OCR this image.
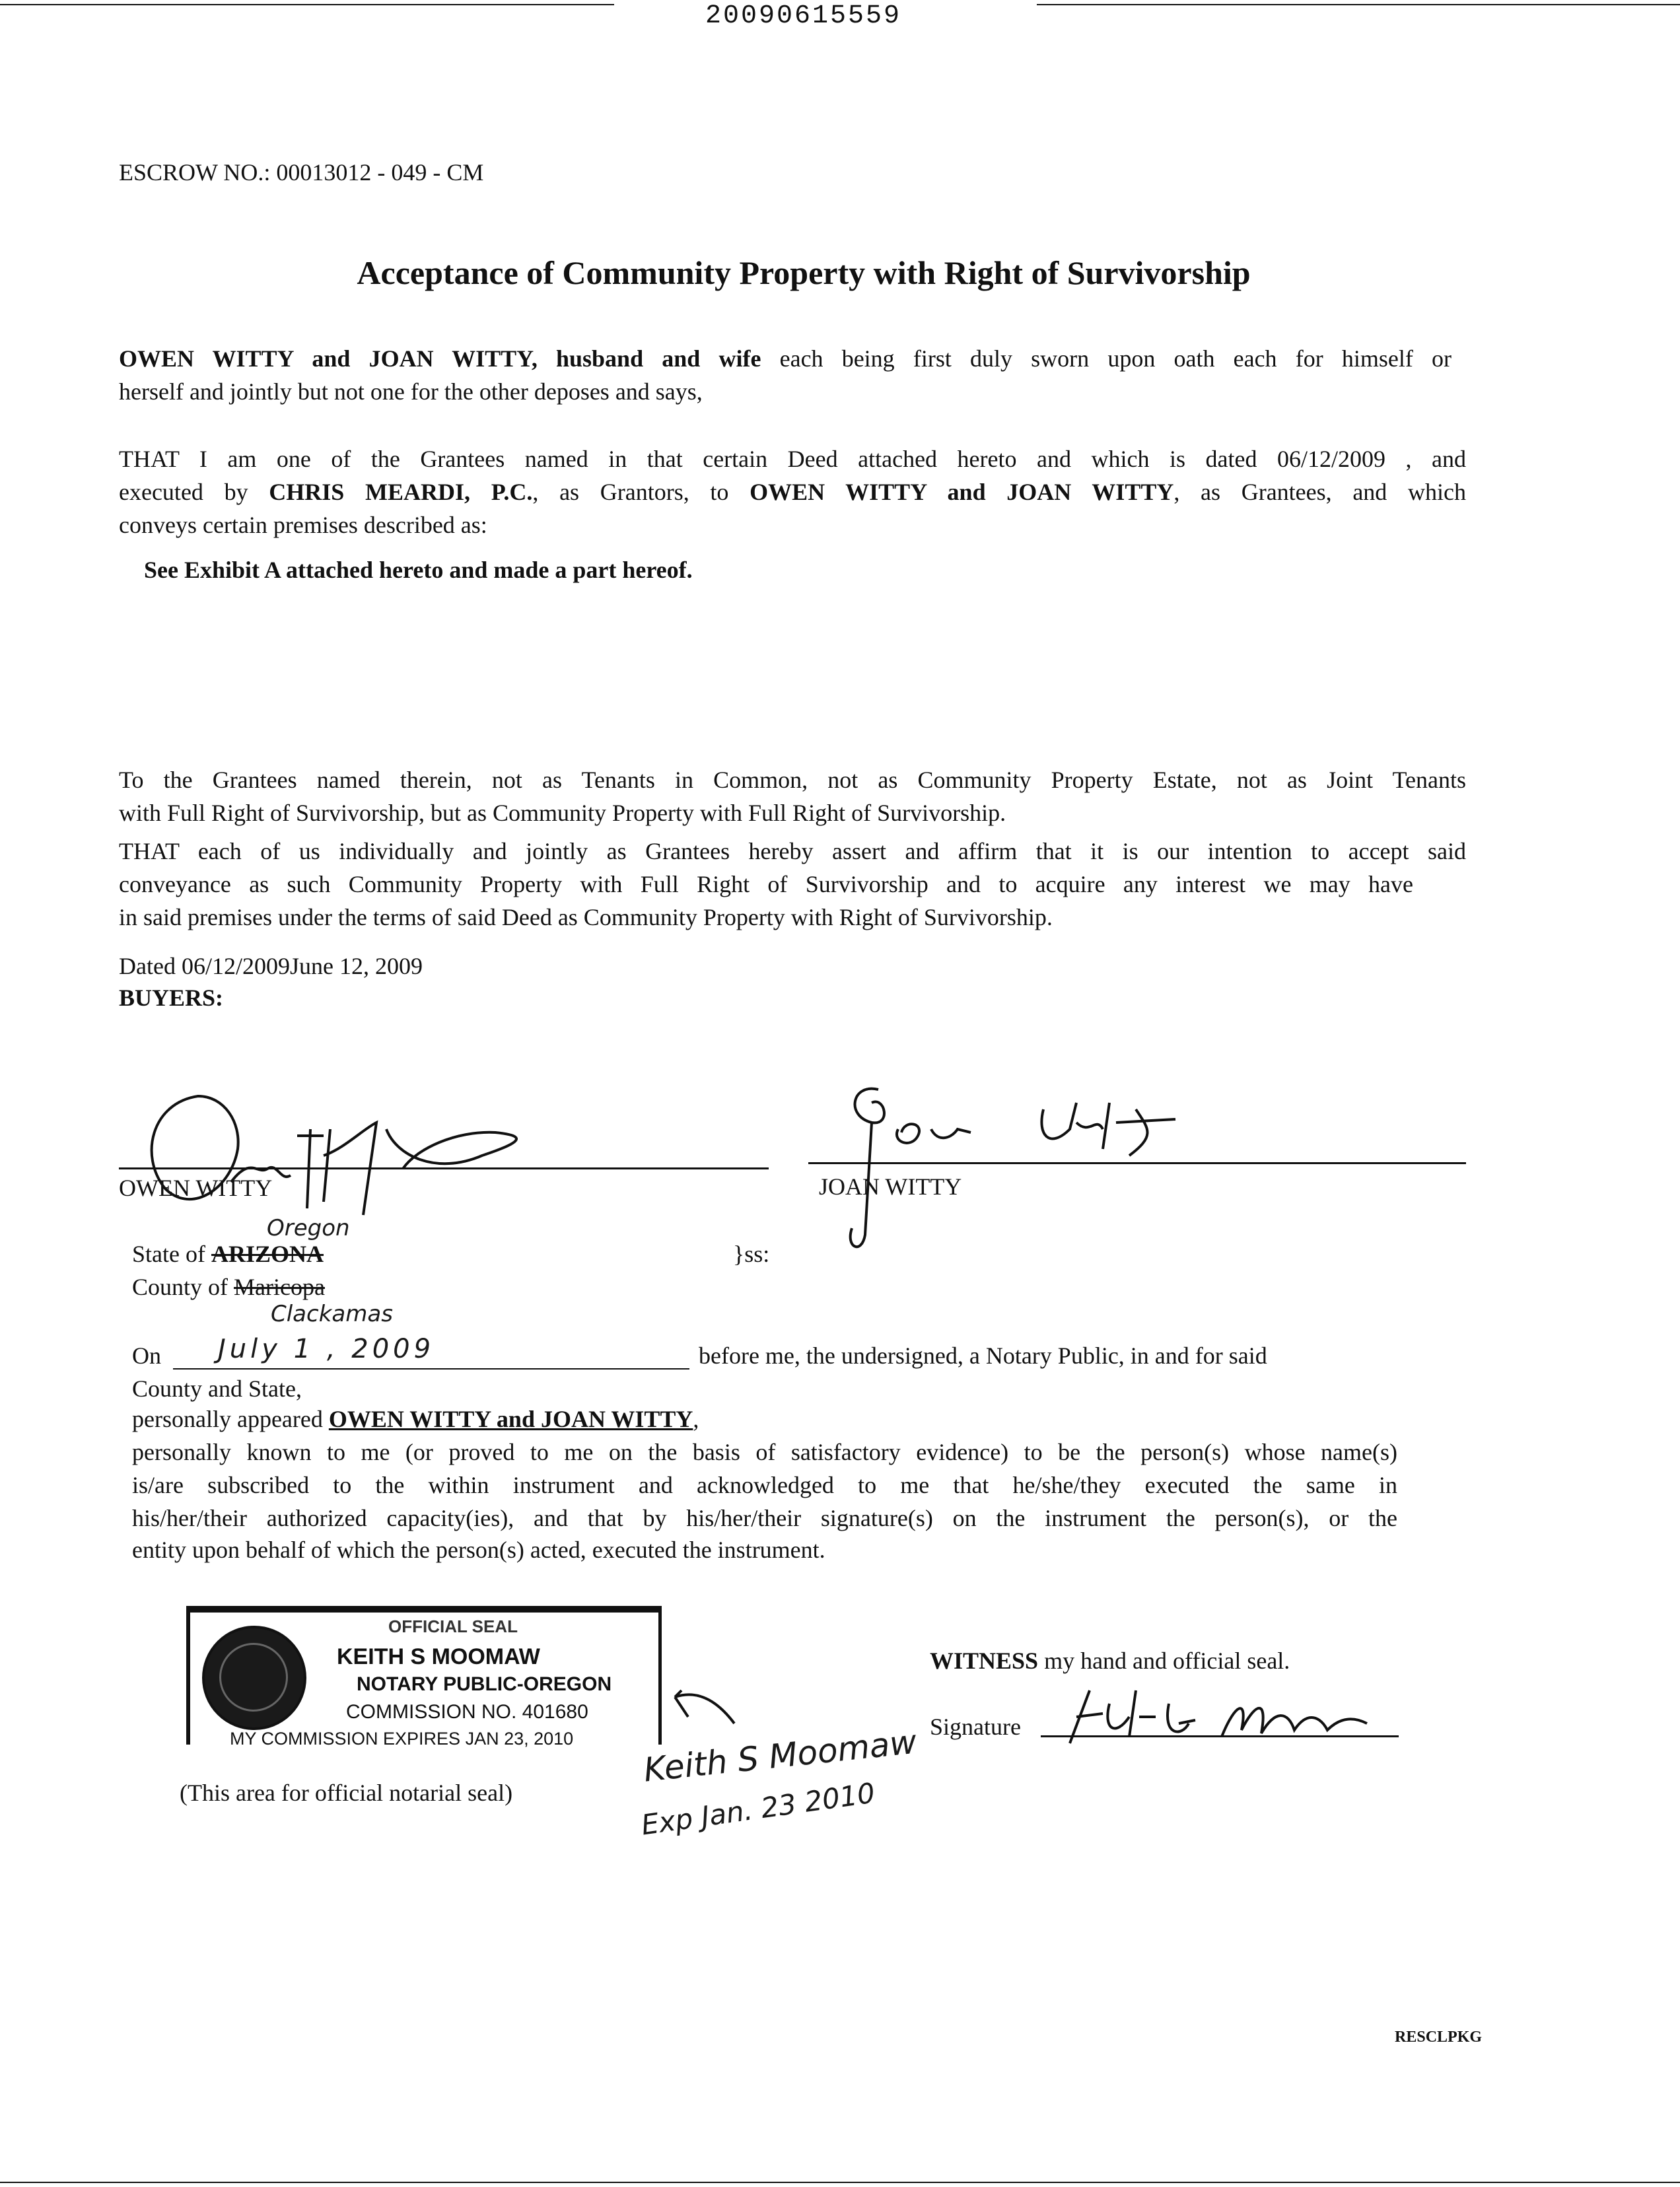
20090615559
ESCROW NO.: 00013012 - 049 - CM
Acceptance of Community Property with Right of Survivorship
OWEN WITTY and JOAN WITTY, husband and wife each being first duly sworn upon oath each for himself or
herself and jointly but not one for the other deposes and says,
THAT I am one of the Grantees named in that certain Deed attached hereto and which is dated 06/12/2009 , and
executed by CHRIS MEARDI, P.C., as Grantors, to OWEN WITTY and JOAN WITTY, as Grantees, and which
conveys certain premises described as:
See Exhibit A attached hereto and made a part hereof.
To the Grantees named therein, not as Tenants in Common, not as Community Property Estate, not as Joint Tenants
with Full Right of Survivorship, but as Community Property with Full Right of Survivorship.
THAT each of us individually and jointly as Grantees hereby assert and affirm that it is our intention to accept said
conveyance as such Community Property with Full Right of Survivorship and to acquire any interest we may have
in said premises under the terms of said Deed as Community Property with Right of Survivorship.
Dated 06/12/2009June 12, 2009
BUYERS:
OWEN WITTY	JOAN WITTY
State of ARIZONA
Oregon
}ss:
County of Maricopa
Clackamas
On July 1 , 2009	before me, the undersigned, a Notary Public, in and for said
County and State,
personally appeared OWEN WITTY and JOAN WITTY,
personally known to me (or proved to me on the basis of satisfactory evidence) to be the person(s) whose name(s)
is/are subscribed to the within instrument and acknowledged to me that he/she/they executed the same in
his/her/their authorized capacity(ies), and that by his/her/their signature(s) on the instrument the person(s), or the
entity upon behalf of which the person(s) acted, executed the instrument.
OFFICIAL SEAL
KEITH S MOOMAW
NOTARY PUBLIC-OREGON
COMMISSION NO. 401680
MY COMMISSION EXPIRES JAN 23, 2010
(This area for official notarial seal)
Keith S Moomaw
Exp Jan. 23 2010
WITNESS my hand and official seal.
Signature
RESCLPKG
